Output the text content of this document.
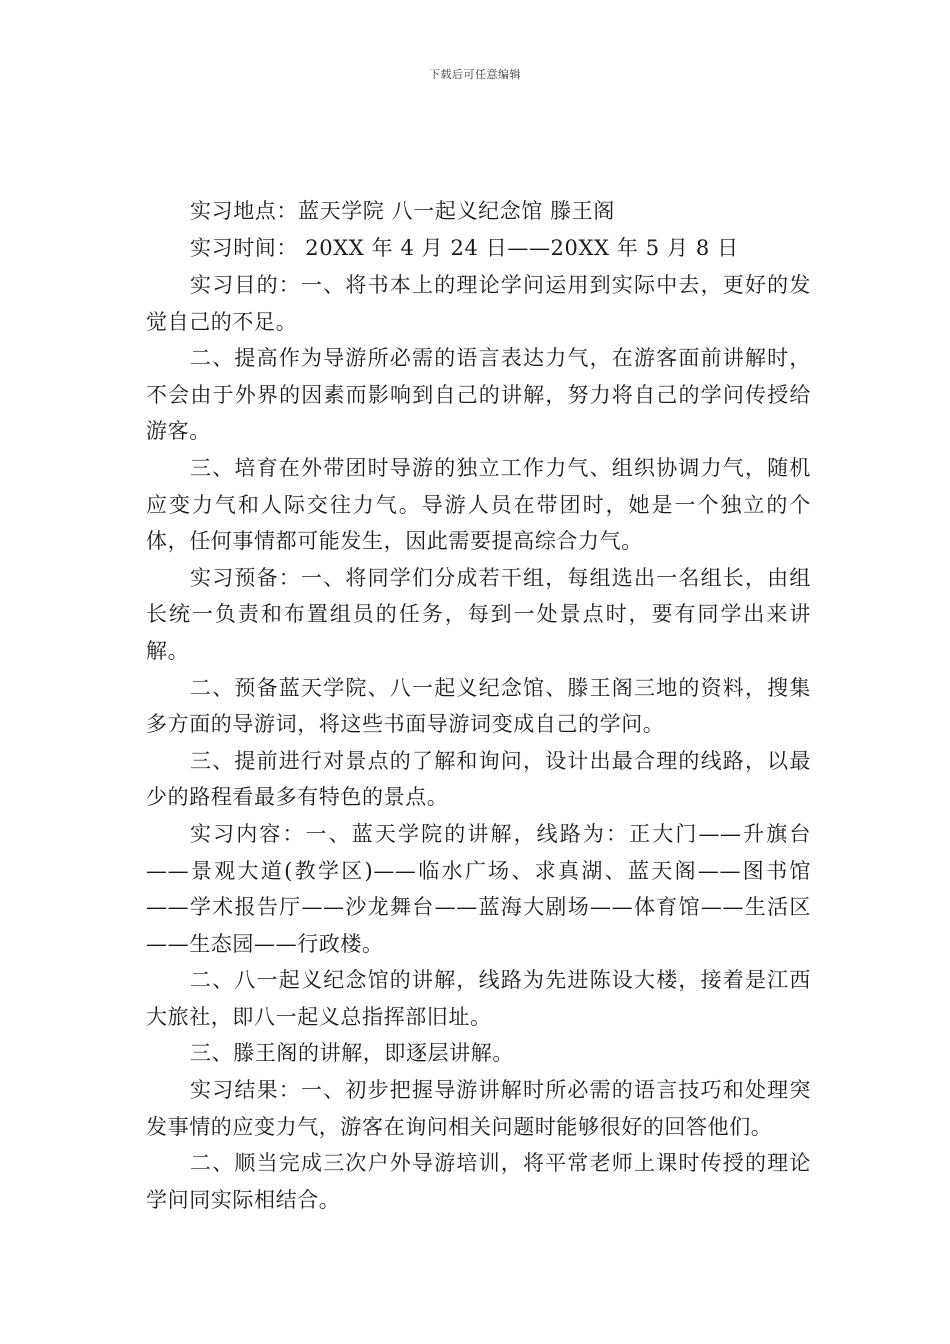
下载后可任意编辑

实习地点：蓝天学院 八一起义纪念馆 滕王阁

实习时间： 20XX 年 4 月 24 日——20XX 年 5 月 8 日

实习目的：一、将书本上的理论学问运用到实际中去，更好的发觉自己的不足。

二、提高作为导游所必需的语言表达力气，在游客面前讲解时，不会由于外界的因素而影响到自己的讲解，努力将自己的学问传授给游客。

三、培育在外带团时导游的独立工作力气、组织协调力气，随机应变力气和人际交往力气。导游人员在带团时，她是一个独立的个体，任何事情都可能发生，因此需要提高综合力气。

实习预备：一、将同学们分成若干组，每组选出一名组长，由组长统一负责和布置组员的任务，每到一处景点时，要有同学出来讲解。

二、预备蓝天学院、八一起义纪念馆、滕王阁三地的资料，搜集多方面的导游词，将这些书面导游词变成自己的学问。

三、提前进行对景点的了解和询问，设计出最合理的线路，以最少的路程看最多有特色的景点。

实习内容：一、蓝天学院的讲解，线路为：正大门——升旗台——景观大道(教学区)——临水广场、求真湖、蓝天阁——图书馆——学术报告厅——沙龙舞台——蓝海大剧场——体育馆——生活区——生态园——行政楼。

二、八一起义纪念馆的讲解，线路为先进陈设大楼，接着是江西大旅社，即八一起义总指挥部旧址。

三、滕王阁的讲解，即逐层讲解。

实习结果：一、初步把握导游讲解时所必需的语言技巧和处理突发事情的应变力气，游客在询问相关问题时能够很好的回答他们。

二、顺当完成三次户外导游培训，将平常老师上课时传授的理论学问同实际相结合。
